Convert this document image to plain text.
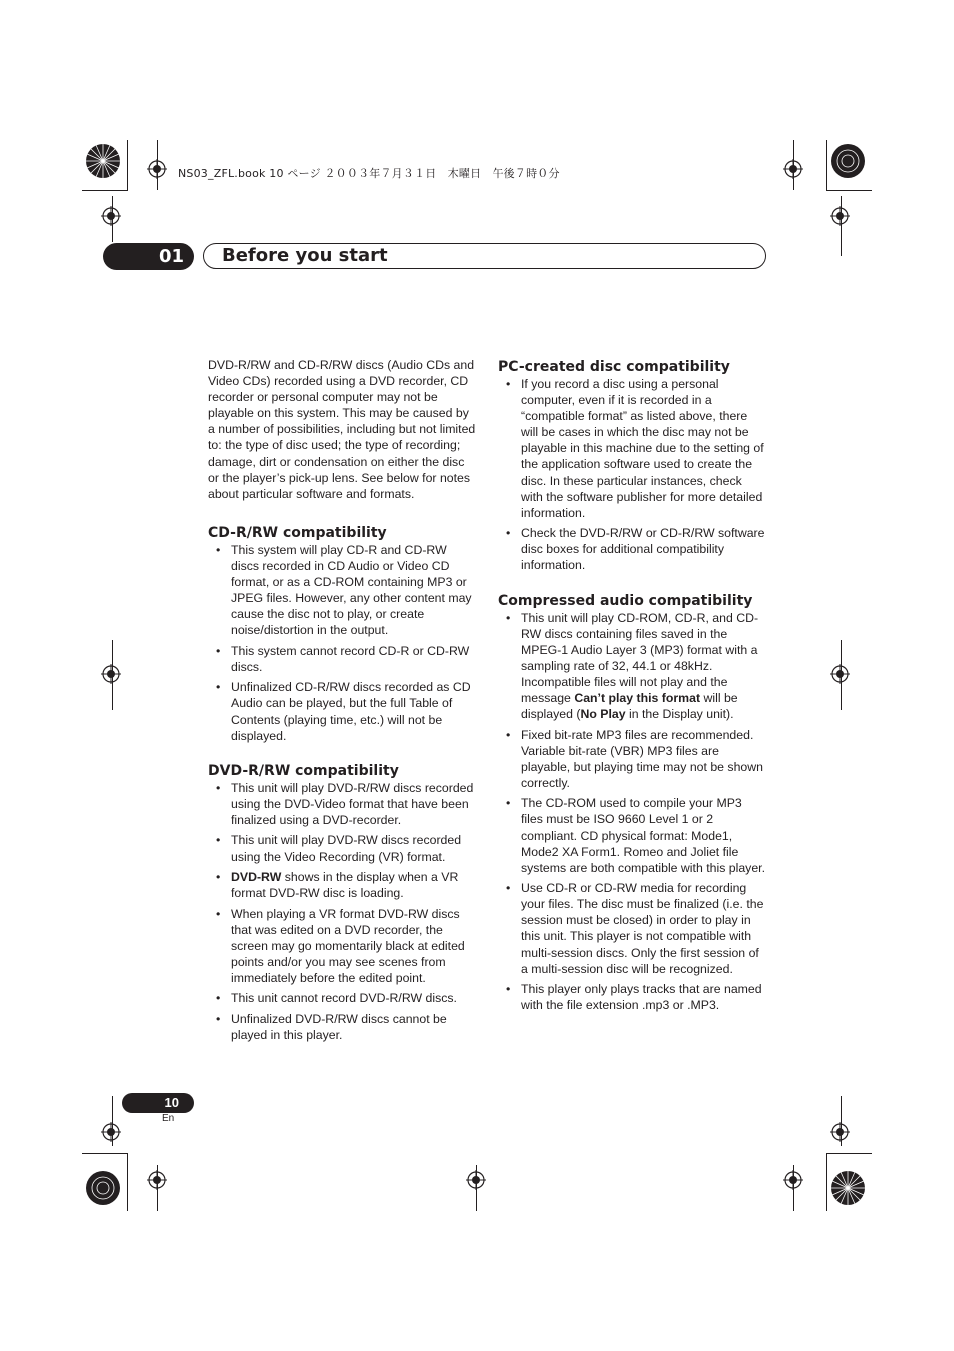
NS03_ZFL.book 10 ページ ２００３年７月３１日　木曜日　午後７時０分
01	Before you start

DVD-R/RW and CD-R/RW discs (Audio CDs and Video CDs) recorded using a DVD recorder, CD recorder or personal computer may not be playable on this system. This may be caused by a number of possibilities, including but not limited to: the type of disc used; the type of recording; damage, dirt or condensation on either the disc or the player’s pick-up lens. See below for notes about particular software and formats.

CD-R/RW compatibility
• This system will play CD-R and CD-RW discs recorded in CD Audio or Video CD format, or as a CD-ROM containing MP3 or JPEG files. However, any other content may cause the disc not to play, or create noise/distortion in the output.
• This system cannot record CD-R or CD-RW discs.
• Unfinalized CD-R/RW discs recorded as CD Audio can be played, but the full Table of Contents (playing time, etc.) will not be displayed.
DVD-R/RW compatibility
• This unit will play DVD-R/RW discs recorded using the DVD-Video format that have been finalized using a DVD-recorder.
• This unit will play DVD-RW discs recorded using the Video Recording (VR) format.
• DVD-RW shows in the display when a VR format DVD-RW disc is loading.
• When playing a VR format DVD-RW discs that was edited on a DVD recorder, the screen may go momentarily black at edited points and/or you may see scenes from immediately before the edited point.
• This unit cannot record DVD-R/RW discs.
• Unfinalized DVD-R/RW discs cannot be played in this player.
PC-created disc compatibility
• If you record a disc using a personal computer, even if it is recorded in a “compatible format” as listed above, there will be cases in which the disc may not be playable in this machine due to the setting of the application software used to create the disc. In these particular instances, check with the software publisher for more detailed information.
• Check the DVD-R/RW or CD-R/RW software disc boxes for additional compatibility information.
Compressed audio compatibility
• This unit will play CD-ROM, CD-R, and CD-RW discs containing files saved in the MPEG-1 Audio Layer 3 (MP3) format with a sampling rate of 32, 44.1 or 48kHz. Incompatible files will not play and the message Can’t play this format will be displayed (No Play in the Display unit).
• Fixed bit-rate MP3 files are recommended. Variable bit-rate (VBR) MP3 files are playable, but playing time may not be shown correctly.
• The CD-ROM used to compile your MP3 files must be ISO 9660 Level 1 or 2 compliant. CD physical format: Mode1, Mode2 XA Form1. Romeo and Joliet file systems are both compatible with this player.
• Use CD-R or CD-RW media for recording your files. The disc must be finalized (i.e. the session must be closed) in order to play in this unit. This player is not compatible with multi-session discs. Only the first session of a multi-session disc will be recognized.
• This player only plays tracks that are named with the file extension .mp3 or .MP3.
10
En
